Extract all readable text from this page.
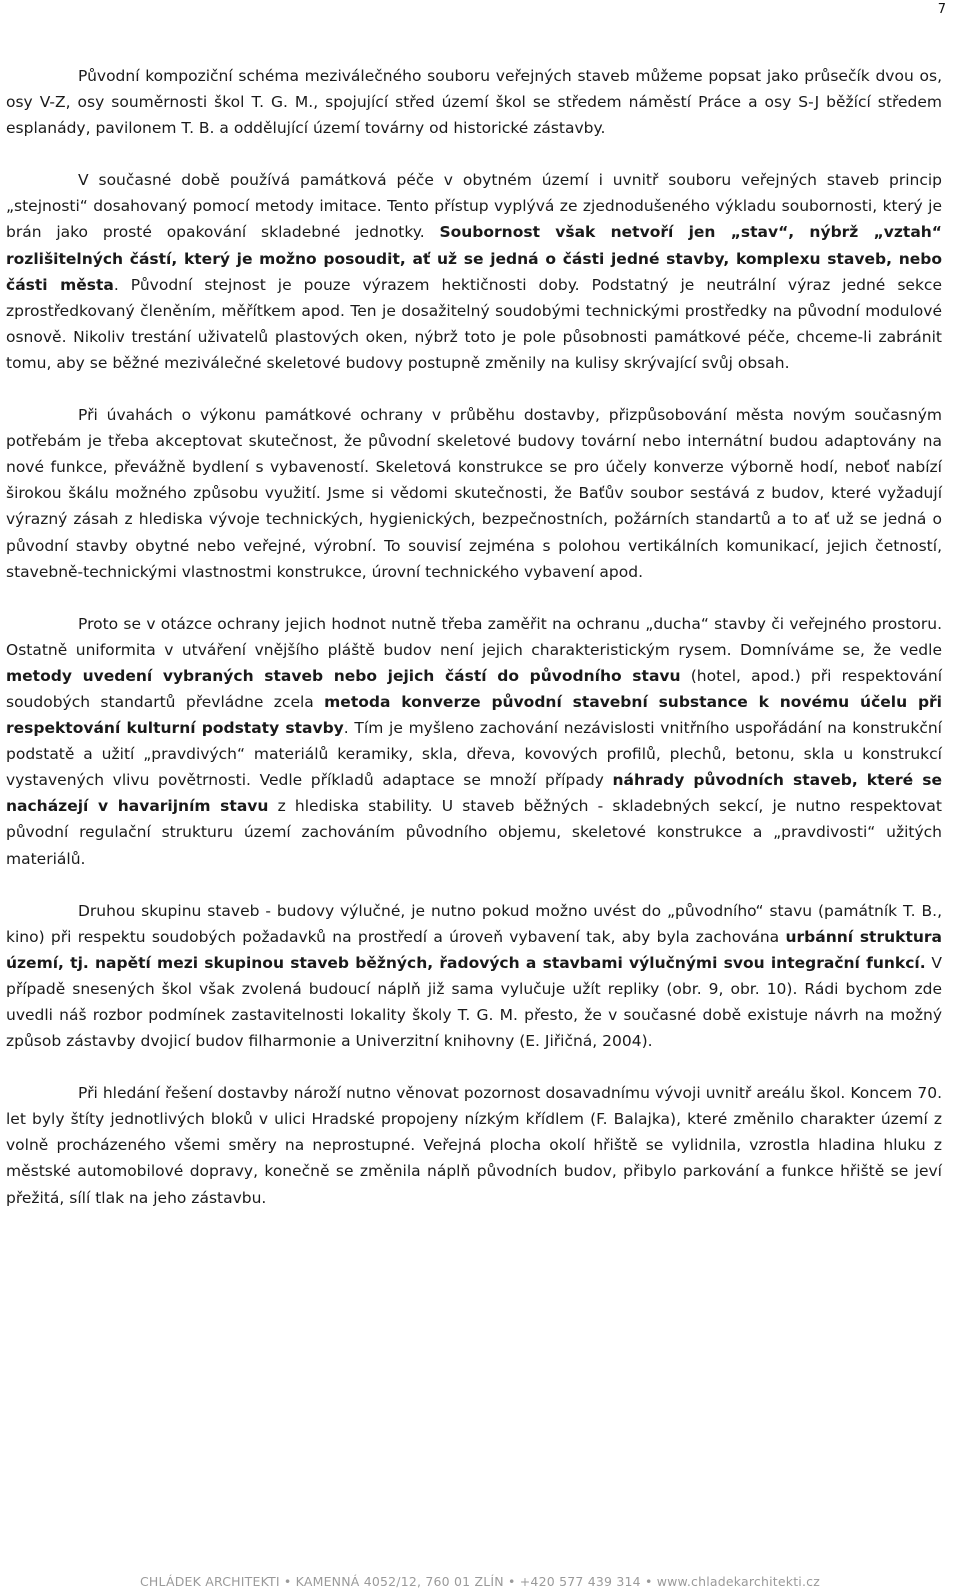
7

Původní kompoziční schéma meziválečného souboru veřejných staveb můžeme popsat jako průsečík dvou os, osy V-Z, osy souměrnosti škol T. G. M., spojující střed území škol se středem náměstí Práce a osy S-J běžící středem esplanády, pavilonem T. B. a oddělující území továrny od historické zástavby.

V současné době používá památková péče v obytném území i uvnitř souboru veřejných staveb princip „stejnosti“ dosahovaný pomocí metody imitace. Tento přístup vyplývá ze zjednodušeného výkladu soubornosti, který je brán jako prosté opakování skladebné jednotky. Soubornost však netvoří jen „stav“, nýbrž „vztah“ rozlišitelných částí, který je možno posoudit, ať už se jedná o části jedné stavby, komplexu staveb, nebo části města. Původní stejnost je pouze výrazem hektičnosti doby. Podstatný je neutrální výraz jedné sekce zprostředkovaný členěním, měřítkem apod. Ten je dosažitelný soudobými technickými prostředky na původní modulové osnově. Nikoliv trestání uživatelů plastových oken, nýbrž toto je pole působnosti památkové péče, chceme-li zabránit tomu, aby se běžné meziválečné skeletové budovy postupně změnily na kulisy skrývající svůj obsah.

Při úvahách o výkonu památkové ochrany v průběhu dostavby, přizpůsobování města novým současným potřebám je třeba akceptovat skutečnost, že původní skeletové budovy tovární nebo internátní budou adaptovány na nové funkce, převážně bydlení s vybaveností. Skeletová konstrukce se pro účely konverze výborně hodí, neboť nabízí širokou škálu možného způsobu využití. Jsme si vědomi skutečnosti, že Baťův soubor sestává z budov, které vyžadují výrazný zásah z hlediska vývoje technických, hygienických, bezpečnostních, požárních standartů a to ať už se jedná o původní stavby obytné nebo veřejné, výrobní. To souvisí zejména s polohou vertikálních komunikací, jejich četností, stavebně-technickými vlastnostmi konstrukce, úrovní technického vybavení apod.

Proto se v otázce ochrany jejich hodnot nutně třeba zaměřit na ochranu „ducha“ stavby či veřejného prostoru. Ostatně uniformita v utváření vnějšího pláště budov není jejich charakteristickým rysem. Domníváme se, že vedle metody uvedení vybraných staveb nebo jejich částí do původního stavu (hotel, apod.) při respektování soudobých standartů převládne zcela metoda konverze původní stavební substance k novému účelu při respektování kulturní podstaty stavby. Tím je myšleno zachování nezávislosti vnitřního uspořádání na konstrukční podstatě a užití „pravdivých“ materiálů keramiky, skla, dřeva, kovových profilů, plechů, betonu, skla u konstrukcí vystavených vlivu povětrnosti. Vedle příkladů adaptace se množí případy náhrady původních staveb, které se nacházejí v havarijním stavu z hlediska stability. U staveb běžných - skladebných sekcí, je nutno respektovat původní regulační strukturu území zachováním původního objemu, skeletové konstrukce a „pravdivosti“ užitých materiálů.

Druhou skupinu staveb - budovy výlučné, je nutno pokud možno uvést do „původního“ stavu (památník T. B., kino) při respektu soudobých požadavků na prostředí a úroveň vybavení tak, aby byla zachována urbánní struktura území, tj. napětí mezi skupinou staveb běžných, řadových a stavbami výlučnými svou integrační funkcí. V případě snesených škol však zvolená budoucí náplň již sama vylučuje užít repliky (obr. 9, obr. 10). Rádi bychom zde uvedli náš rozbor podmínek zastavitelnosti lokality školy T. G. M. přesto, že v současné době existuje návrh na možný způsob zástavby dvojicí budov filharmonie a Univerzitní knihovny (E. Jiřičná, 2004).

Při hledání řešení dostavby nároží nutno věnovat pozornost dosavadnímu vývoji uvnitř areálu škol. Koncem 70. let byly štíty jednotlivých bloků v ulici Hradské propojeny nízkým křídlem (F. Balajka), které změnilo charakter území z volně procházeného všemi směry na neprostupné. Veřejná plocha okolí hřiště se vylidnila, vzrostla hladina hluku z městské automobilové dopravy, konečně se změnila náplň původních budov, přibylo parkování a funkce hřiště se jeví přežitá, sílí tlak na jeho zástavbu.

CHLÁDEK ARCHITEKTI • KAMENNÁ 4052/12, 760 01 ZLÍN • +420 577 439 314 • www.chladekarchitekti.cz
